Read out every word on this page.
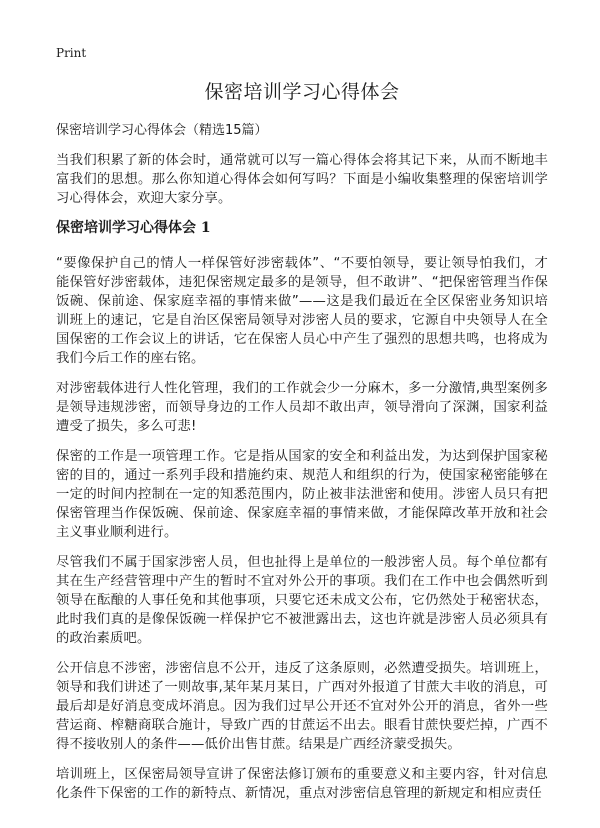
Print
保密培训学习心得体会
保密培训学习心得体会（精选15篇）

当我们积累了新的体会时，通常就可以写一篇心得体会将其记下来，从而不断地丰富我们的思想。那么你知道心得体会如何写吗？下面是小编收集整理的保密培训学习心得体会，欢迎大家分享。

保密培训学习心得体会 1

“要像保护自己的情人一样保管好涉密载体”、“不要怕领导，要让领导怕我们，才能保管好涉密载体，违犯保密规定最多的是领导，但不敢讲”、“把保密管理当作保饭碗、保前途、保家庭幸福的事情来做”——这是我们最近在全区保密业务知识培训班上的速记，它是自治区保密局领导对涉密人员的要求，它源自中央领导人在全国保密的工作会议上的讲话，它在保密人员心中产生了强烈的思想共鸣，也将成为我们今后工作的座右铭。

对涉密载体进行人性化管理，我们的工作就会少一分麻木，多一分激情,典型案例多是领导违规涉密，而领导身边的工作人员却不敢出声，领导滑向了深渊，国家利益遭受了损失，多么可悲!

保密的工作是一项管理工作。它是指从国家的安全和利益出发，为达到保护国家秘密的目的，通过一系列手段和措施约束、规范人和组织的行为，使国家秘密能够在一定的时间内控制在一定的知悉范围内，防止被非法泄密和使用。涉密人员只有把保密管理当作保饭碗、保前途、保家庭幸福的事情来做，才能保障改革开放和社会主义事业顺利进行。

尽管我们不属于国家涉密人员，但也扯得上是单位的一般涉密人员。每个单位都有其在生产经营管理中产生的暂时不宜对外公开的事项。我们在工作中也会偶然听到领导在酝酿的人事任免和其他事项，只要它还未成文公布，它仍然处于秘密状态，此时我们真的是像保饭碗一样保护它不被泄露出去，这也许就是涉密人员必须具有的政治素质吧。

公开信息不涉密，涉密信息不公开，违反了这条原则，必然遭受损失。培训班上，领导和我们讲述了一则故事,某年某月某日，广西对外报道了甘蔗大丰收的消息，可最后却是好消息变成坏消息。因为我们过早公开还不宜对外公开的消息，省外一些营运商、榨糖商联合施计，导致广西的甘蔗运不出去。眼看甘蔗快要烂掉，广西不得不接收别人的条件——低价出售甘蔗。结果是广西经济蒙受损失。

培训班上，区保密局领导宣讲了保密法修订颁布的重要意义和主要内容，针对信息化条件下保密的工作的新特点、新情况，重点对涉密信息管理的新规定和相应责任
